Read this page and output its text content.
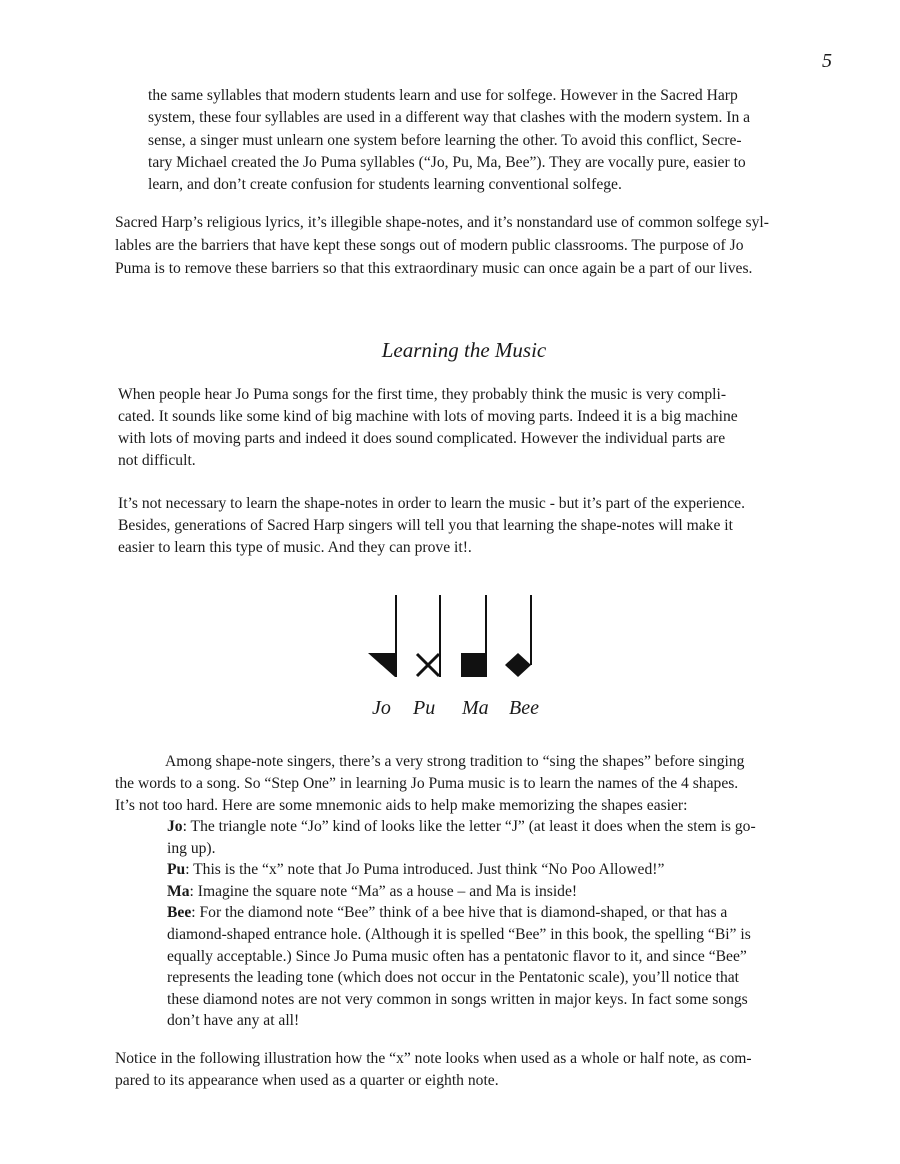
5
the same syllables that modern students learn and use for solfege. However in the Sacred Harp
system, these four syllables are used in a different way that clashes with the modern system. In a
sense, a singer must unlearn one system before learning the other. To avoid this conflict, Secre-
tary Michael created the Jo Puma syllables (“Jo, Pu, Ma, Bee”). They are vocally pure, easier to
learn, and don’t create confusion for students learning conventional solfege.
Sacred Harp’s religious lyrics, it’s illegible shape-notes, and it’s nonstandard use of common solfege syl-
lables are the barriers that have kept these songs out of modern public classrooms. The purpose of Jo
Puma is to remove these barriers so that this extraordinary music can once again be a part of our lives.
Learning the Music
When people hear Jo Puma songs for the first time, they probably think the music is very compli-
cated. It sounds like some kind of big machine with lots of moving parts. Indeed it is a big machine
with lots of moving parts and indeed it does sound complicated. However the individual parts are
not difficult.
It’s not necessary to learn the shape-notes in order to learn the music - but it’s part of the experience.
Besides, generations of Sacred Harp singers will tell you that learning the shape-notes will make it
easier to learn this type of music. And they can prove it!.
Jo Pu Ma Bee
Among shape-note singers, there’s a very strong tradition to “sing the shapes” before singing
the words to a song. So “Step One” in learning Jo Puma music is to learn the names of the 4 shapes.
It’s not too hard. Here are some mnemonic aids to help make memorizing the shapes easier:
Jo: The triangle note “Jo” kind of looks like the letter “J” (at least it does when the stem is go-
ing up).
Pu: This is the “x” note that Jo Puma introduced. Just think “No Poo Allowed!”
Ma: Imagine the square note “Ma” as a house – and Ma is inside!
Bee: For the diamond note “Bee” think of a bee hive that is diamond-shaped, or that has a
diamond-shaped entrance hole. (Although it is spelled “Bee” in this book, the spelling “Bi” is
equally acceptable.) Since Jo Puma music often has a pentatonic flavor to it, and since “Bee”
represents the leading tone (which does not occur in the Pentatonic scale), you’ll notice that
these diamond notes are not very common in songs written in major keys. In fact some songs
don’t have any at all!
Notice in the following illustration how the “x” note looks when used as a whole or half note, as com-
pared to its appearance when used as a quarter or eighth note.
